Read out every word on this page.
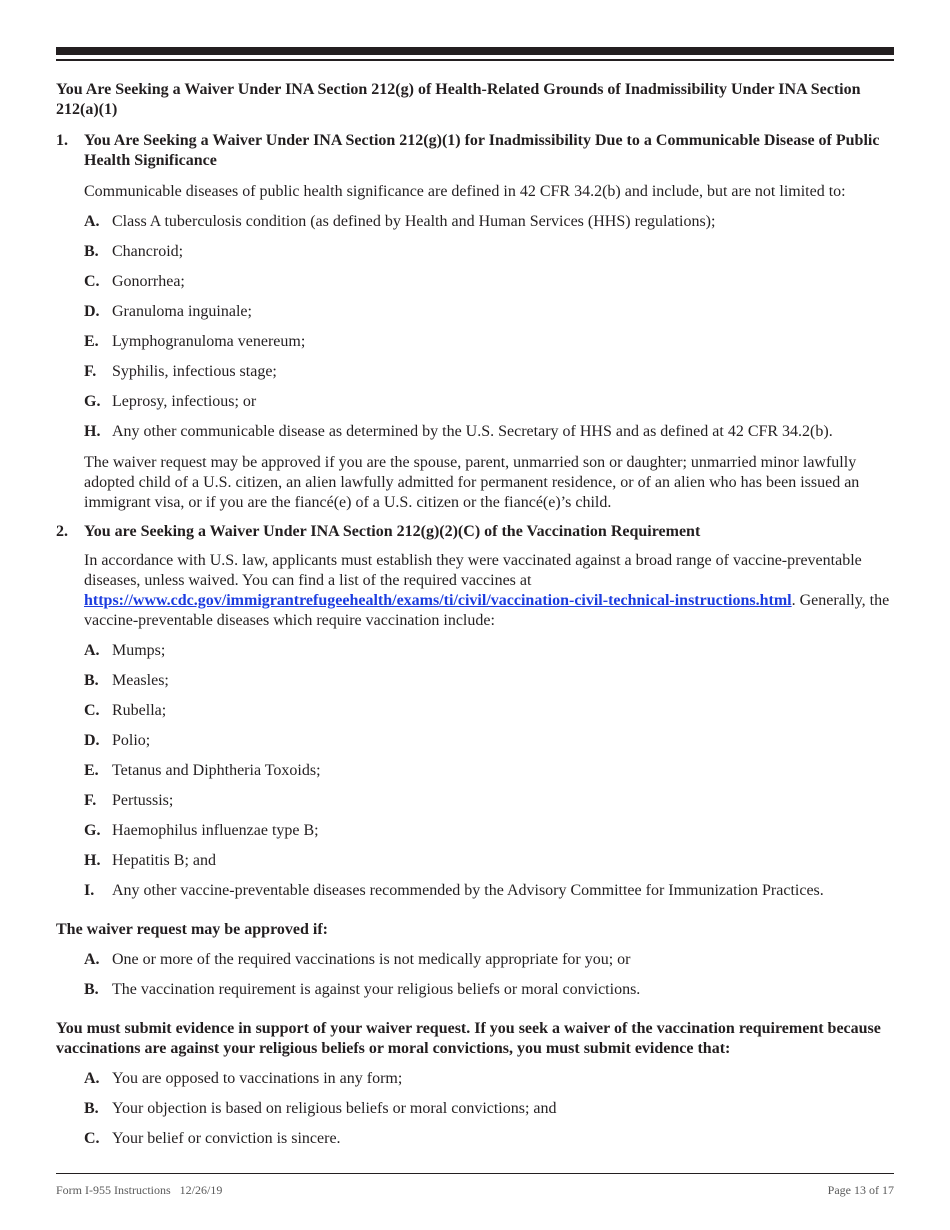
You Are Seeking a Waiver Under INA Section 212(g) of Health-Related Grounds of Inadmissibility Under INA Section 212(a)(1)

1. You Are Seeking a Waiver Under INA Section 212(g)(1) for Inadmissibility Due to a Communicable Disease of Public Health Significance

Communicable diseases of public health significance are defined in 42 CFR 34.2(b) and include, but are not limited to:

A. Class A tuberculosis condition (as defined by Health and Human Services (HHS) regulations);
B. Chancroid;
C. Gonorrhea;
D. Granuloma inguinale;
E. Lymphogranuloma venereum;
F. Syphilis, infectious stage;
G. Leprosy, infectious; or
H. Any other communicable disease as determined by the U.S. Secretary of HHS and as defined at 42 CFR 34.2(b).

The waiver request may be approved if you are the spouse, parent, unmarried son or daughter; unmarried minor lawfully adopted child of a U.S. citizen, an alien lawfully admitted for permanent residence, or of an alien who has been issued an immigrant visa, or if you are the fiancé(e) of a U.S. citizen or the fiancé(e)’s child.

2. You are Seeking a Waiver Under INA Section 212(g)(2)(C) of the Vaccination Requirement

In accordance with U.S. law, applicants must establish they were vaccinated against a broad range of vaccine-preventable diseases, unless waived. You can find a list of the required vaccines at https://www.cdc.gov/immigrantrefugeehealth/exams/ti/civil/vaccination-civil-technical-instructions.html. Generally, the vaccine-preventable diseases which require vaccination include:

A. Mumps;
B. Measles;
C. Rubella;
D. Polio;
E. Tetanus and Diphtheria Toxoids;
F. Pertussis;
G. Haemophilus influenzae type B;
H. Hepatitis B; and
I. Any other vaccine-preventable diseases recommended by the Advisory Committee for Immunization Practices.

The waiver request may be approved if:

A. One or more of the required vaccinations is not medically appropriate for you; or
B. The vaccination requirement is against your religious beliefs or moral convictions.

You must submit evidence in support of your waiver request. If you seek a waiver of the vaccination requirement because vaccinations are against your religious beliefs or moral convictions, you must submit evidence that:

A. You are opposed to vaccinations in any form;
B. Your objection is based on religious beliefs or moral convictions; and
C. Your belief or conviction is sincere.
Form I-955 Instructions   12/26/19	Page 13 of 17
